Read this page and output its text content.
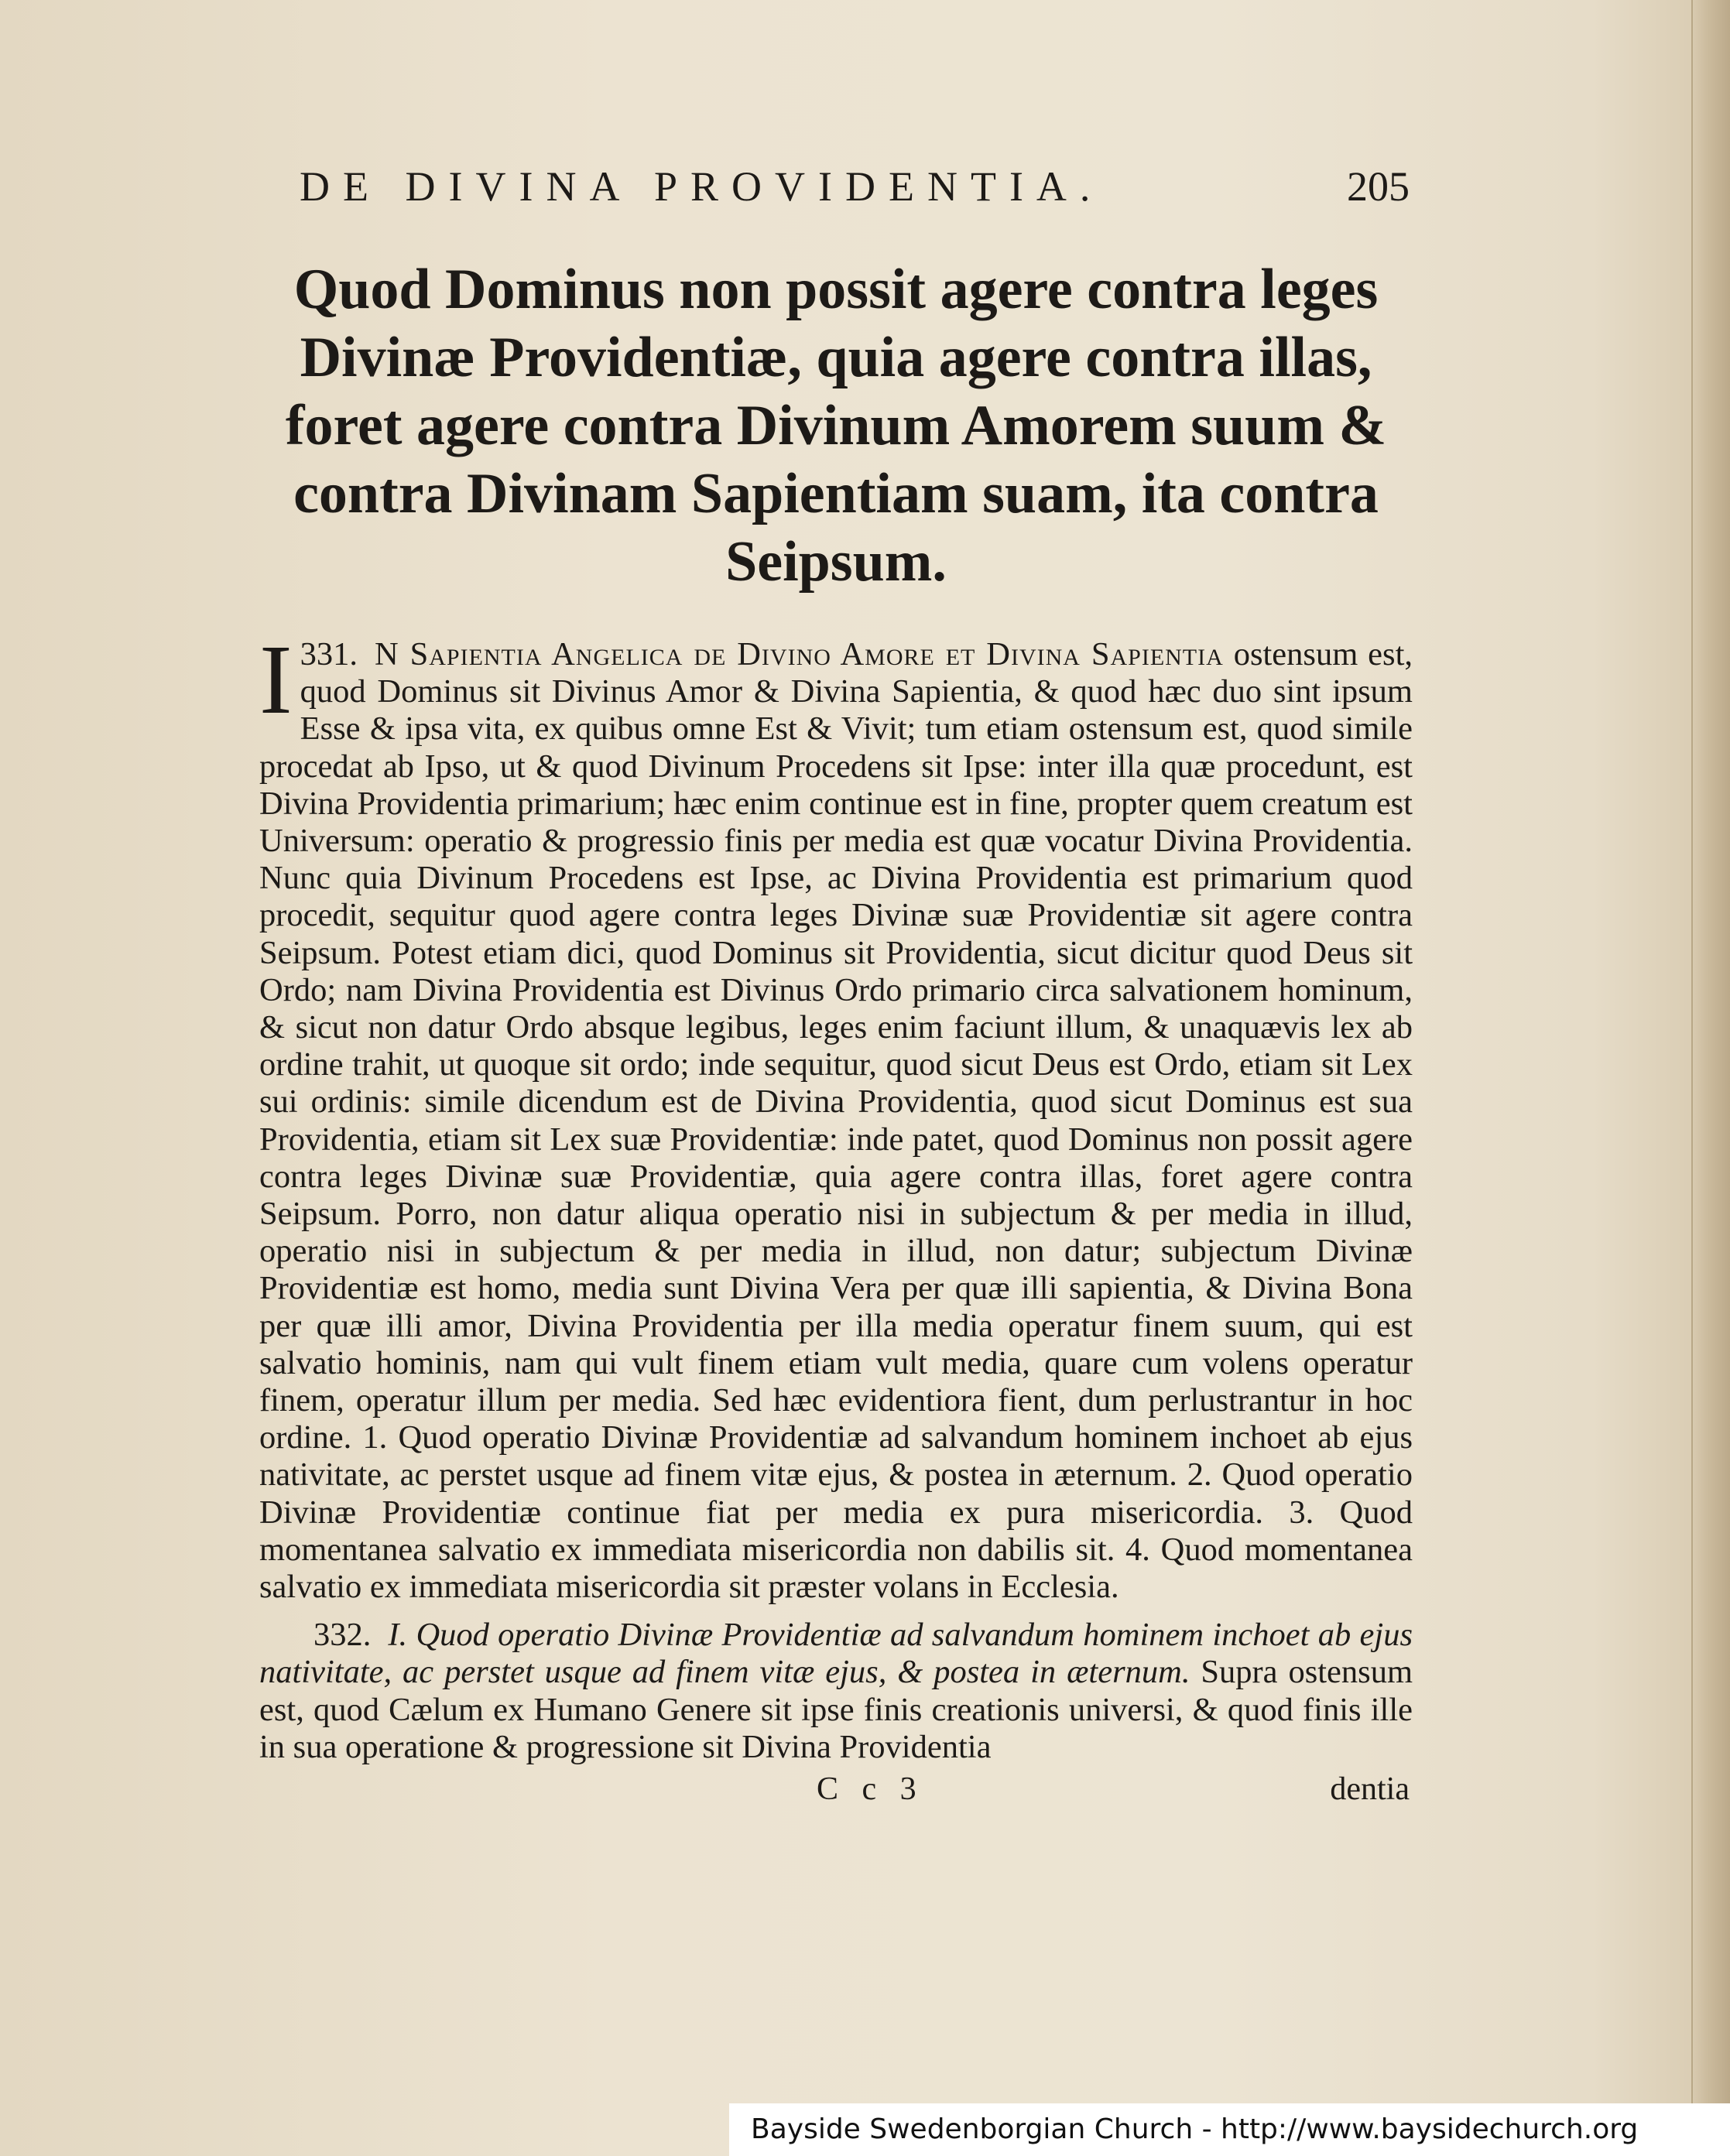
DE DIVINA PROVIDENTIA.	205
Quod Dominus non possit agere contra leges Divinæ Providentiæ, quia agere contra illas, foret agere contra Divinum Amorem suum & contra Divinam Sapientiam suam, ita contra Seipsum.

331.
I	N Sapientia Angelica de Divino Amore et Divina Sapientia ostensum est, quod Dominus sit Divinus Amor & Divina Sapientia, & quod hæc duo sint ipsum Esse & ipsa vita, ex quibus omne Est & Vivit; tum etiam ostensum est, quod simile procedat ab Ipso, ut & quod Divinum Procedens sit Ipse: inter illa quæ procedunt, est Divina Providentia primarium; hæc enim continue est in fine, propter quem creatum est Universum: operatio & progressio finis per media est quæ vocatur Divina Providentia. Nunc quia Divinum Procedens est Ipse, ac Divina Providentia est primarium quod procedit, sequitur quod agere contra leges Divinæ suæ Providentiæ sit agere contra Seipsum. Potest etiam dici, quod Dominus sit Providentia, sicut dicitur quod Deus sit Ordo; nam Divina Providentia est Divinus Ordo primario circa salvationem hominum, & sicut non datur Ordo absque legibus, leges enim faciunt illum, & unaquævis lex ab ordine trahit, ut quoque sit ordo; inde sequitur, quod sicut Deus est Ordo, etiam sit Lex sui ordinis: simile dicendum est de Divina Providentia, quod sicut Dominus est sua Providentia, etiam sit Lex suæ Providentiæ: inde patet, quod Dominus non possit agere contra leges Divinæ suæ Providentiæ, quia agere contra illas, foret agere contra Seipsum. Porro, non datur aliqua operatio nisi in subjectum & per media in illud, operatio nisi in subjectum & per media in illud, non datur; subjectum Divinæ Providentiæ est homo, media sunt Divina Vera per quæ illi sapientia, & Divina Bona per quæ illi amor, Divina Providentia per illa media operatur finem suum, qui est salvatio hominis, nam qui vult finem etiam vult media, quare cum volens operatur finem, operatur illum per media. Sed hæc evidentiora fient, dum perlustrantur in hoc ordine. 1. Quod operatio Divinæ Providentiæ ad salvandum hominem inchoet ab ejus nativitate, ac perstet usque ad finem vitæ ejus, & postea in æternum. 2. Quod operatio Divinæ Providentiæ continue fiat per media ex pura misericordia. 3. Quod momentanea salvatio ex immediata misericordia non dabilis sit. 4. Quod momentanea salvatio ex immediata misericordia sit præster volans in Ecclesia.

332. I. Quod operatio Divinæ Providentiæ ad salvandum hominem inchoet ab ejus nativitate, ac perstet usque ad finem vitæ ejus, & postea in æternum. Supra ostensum est, quod Cælum ex Humano Genere sit ipse finis creationis universi, & quod finis ille in sua operatione & progressione sit Divina Providentia

C c 3	dentia
Bayside Swedenborgian Church - http://www.baysidechurch.org
